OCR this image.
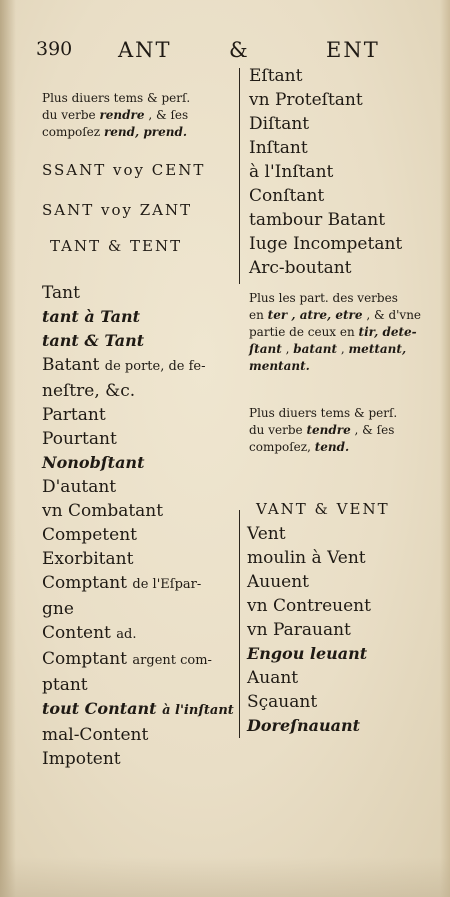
390 ANT	&	ENT

Plus diuers tems & perſ.
du verbe rendre , & ſes
compoſez rend, prend.

SSANT voy CENT

SANT voy ZANT

TANT & TENT

Tant

tant à Tant

tant & Tant

Batant de porte, de fe-

neſtre, &c.

Partant

Pourtant

Nonobſtant

D'autant

vn Combatant

Competent

Exorbitant

Comptant de l'Eſpar-

gne

Content ad.

Comptant argent com-

ptant

tout Contant à l'inſtant

mal-Content

Impotent

Eſtant

vn Proteſtant

Diſtant

Inſtant

à l'Inſtant

Conſtant

tambour Batant

Iuge Incompetant

Arc-boutant

Plus les part. des verbes
en ter , atre, etre , & d'vne
partie de ceux en tir, dete-
ſtant , batant , mettant,
mentant.
Plus diuers tems & perſ.
du verbe tendre , & ſes
compoſez, tend.

VANT & VENT

Vent

moulin à Vent

Auuent

vn Contreuent

vn Parauant

Engou leuant

Auant

Sçauant

Doreſnauant
